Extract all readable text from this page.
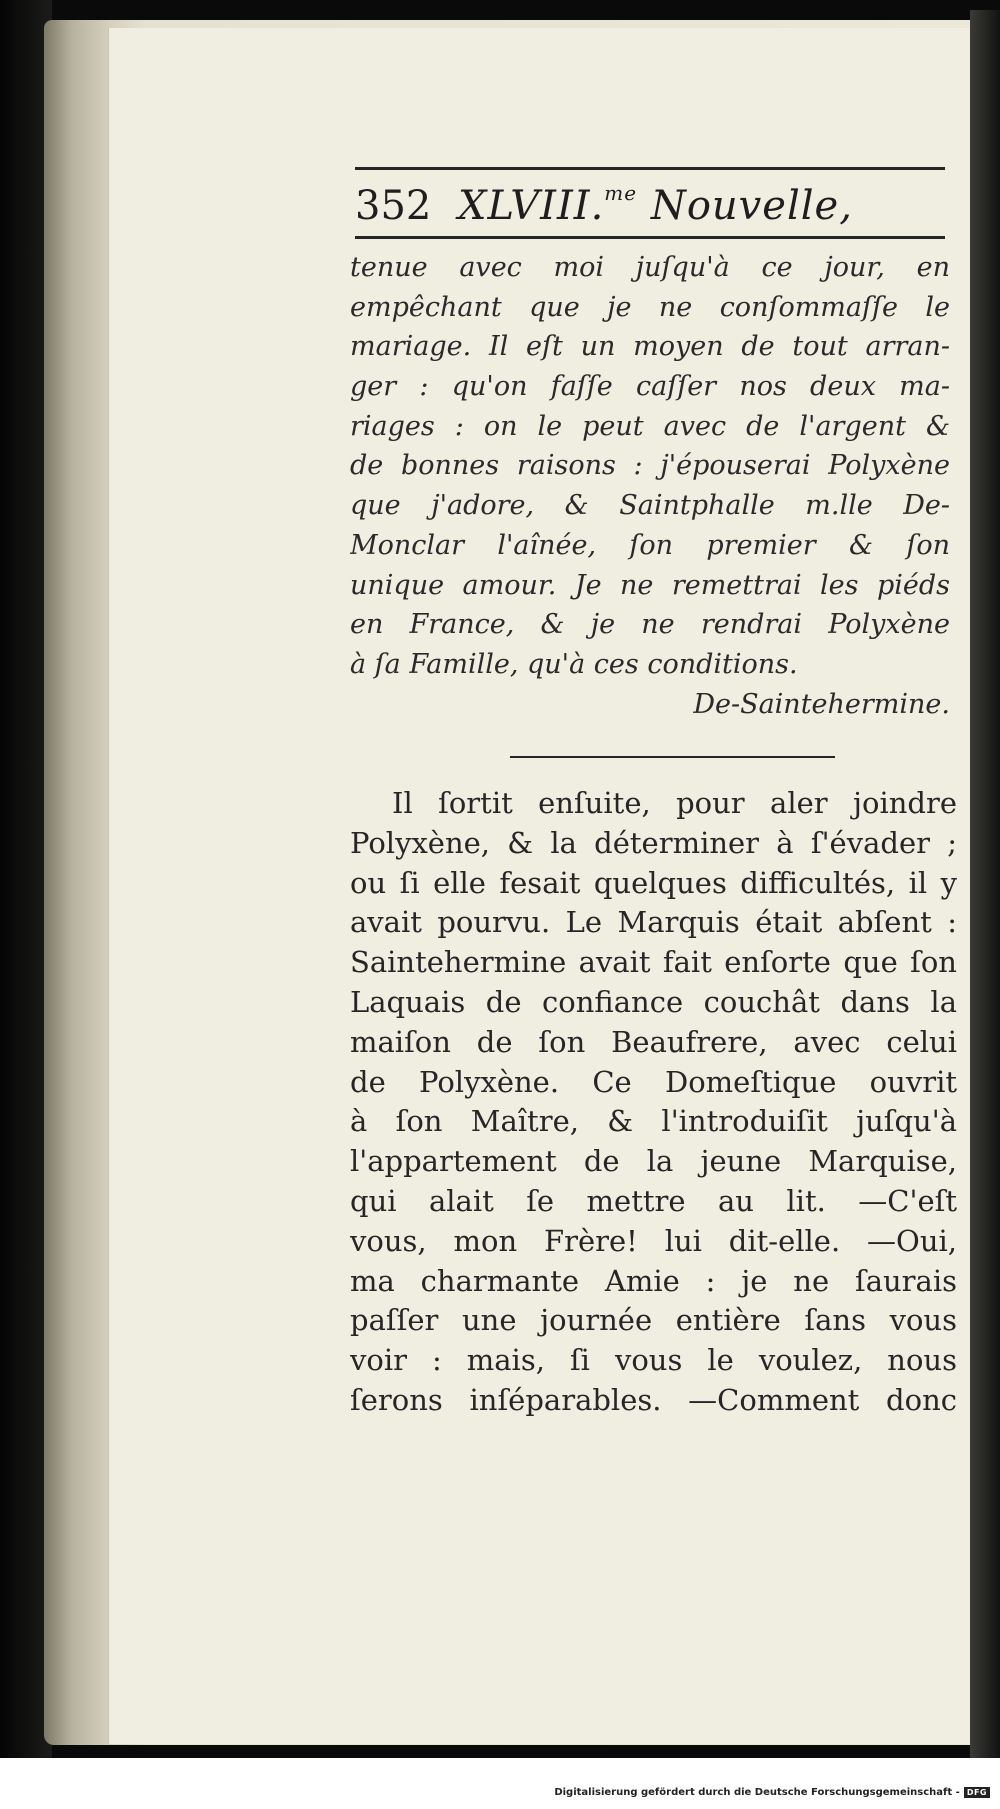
352 XLVIII.$^{me}$ Nouvelle,
tenue avec moi juſqu'à ce jour, en
empêchant que je ne conſommaſſe le
mariage. Il eſt un moyen de tout arran-
ger : qu'on faſſe caſſer nos deux ma-
riages : on le peut avec de l'argent &
de bonnes raisons : j'épouserai Polyxène
que j'adore, & Saintphalle m.lle De-
Monclar l'aînée, ſon premier & ſon
unique amour. Je ne remettrai les piéds
en France, & je ne rendrai Polyxène
à ſa Famille, qu'à ces conditions.
De-Saintehermine.
Il ſortit enſuite, pour aler joindre
Polyxène, & la déterminer à ſ'évader ;
ou ſi elle fesait quelques difficultés, il y
avait pourvu. Le Marquis était abſent :
Saintehermine avait fait enſorte que ſon
Laquais de confiance couchât dans la
maiſon de ſon Beaufrere, avec celui
de Polyxène. Ce Domeſtique ouvrit
à ſon Maître, & l'introduiſit juſqu'à
l'appartement de la jeune Marquise,
qui alait ſe mettre au lit. —C'eſt
vous, mon Frère! lui dit-elle. —Oui,
ma charmante Amie : je ne ſaurais
paſſer une journée entière ſans vous
voir : mais, ſi vous le voulez, nous
ſerons inſéparables. —Comment donc
Digitalisierung gefördert durch die Deutsche Forschungsgemeinschaft - DFG
